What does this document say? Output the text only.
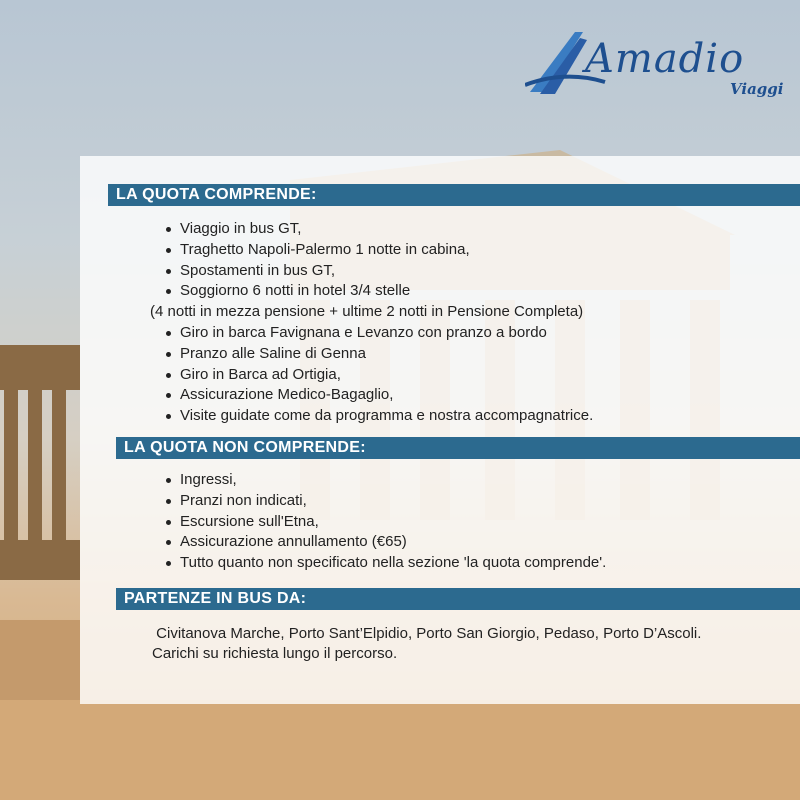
Amadio
Viaggi
LA QUOTA COMPRENDE:
Viaggio in bus GT,
Traghetto Napoli-Palermo 1 notte in cabina,
Spostamenti in bus GT,
Soggiorno 6 notti in hotel 3/4 stelle
(4 notti in mezza pensione + ultime 2 notti in Pensione Completa)
Giro in barca Favignana e Levanzo con pranzo a bordo
Pranzo alle Saline di Genna
Giro in Barca ad Ortigia,
Assicurazione Medico-Bagaglio,
Visite guidate come da programma e nostra accompagnatrice.
LA QUOTA NON COMPRENDE:
Ingressi,
Pranzi non indicati,
Escursione sull'Etna,
Assicurazione annullamento (€65)
Tutto quanto non specificato nella sezione 'la quota comprende'.
PARTENZE IN BUS DA:
Civitanova Marche, Porto Sant’Elpidio, Porto San Giorgio, Pedaso, Porto D’Ascoli.
Carichi su richiesta lungo il percorso.
